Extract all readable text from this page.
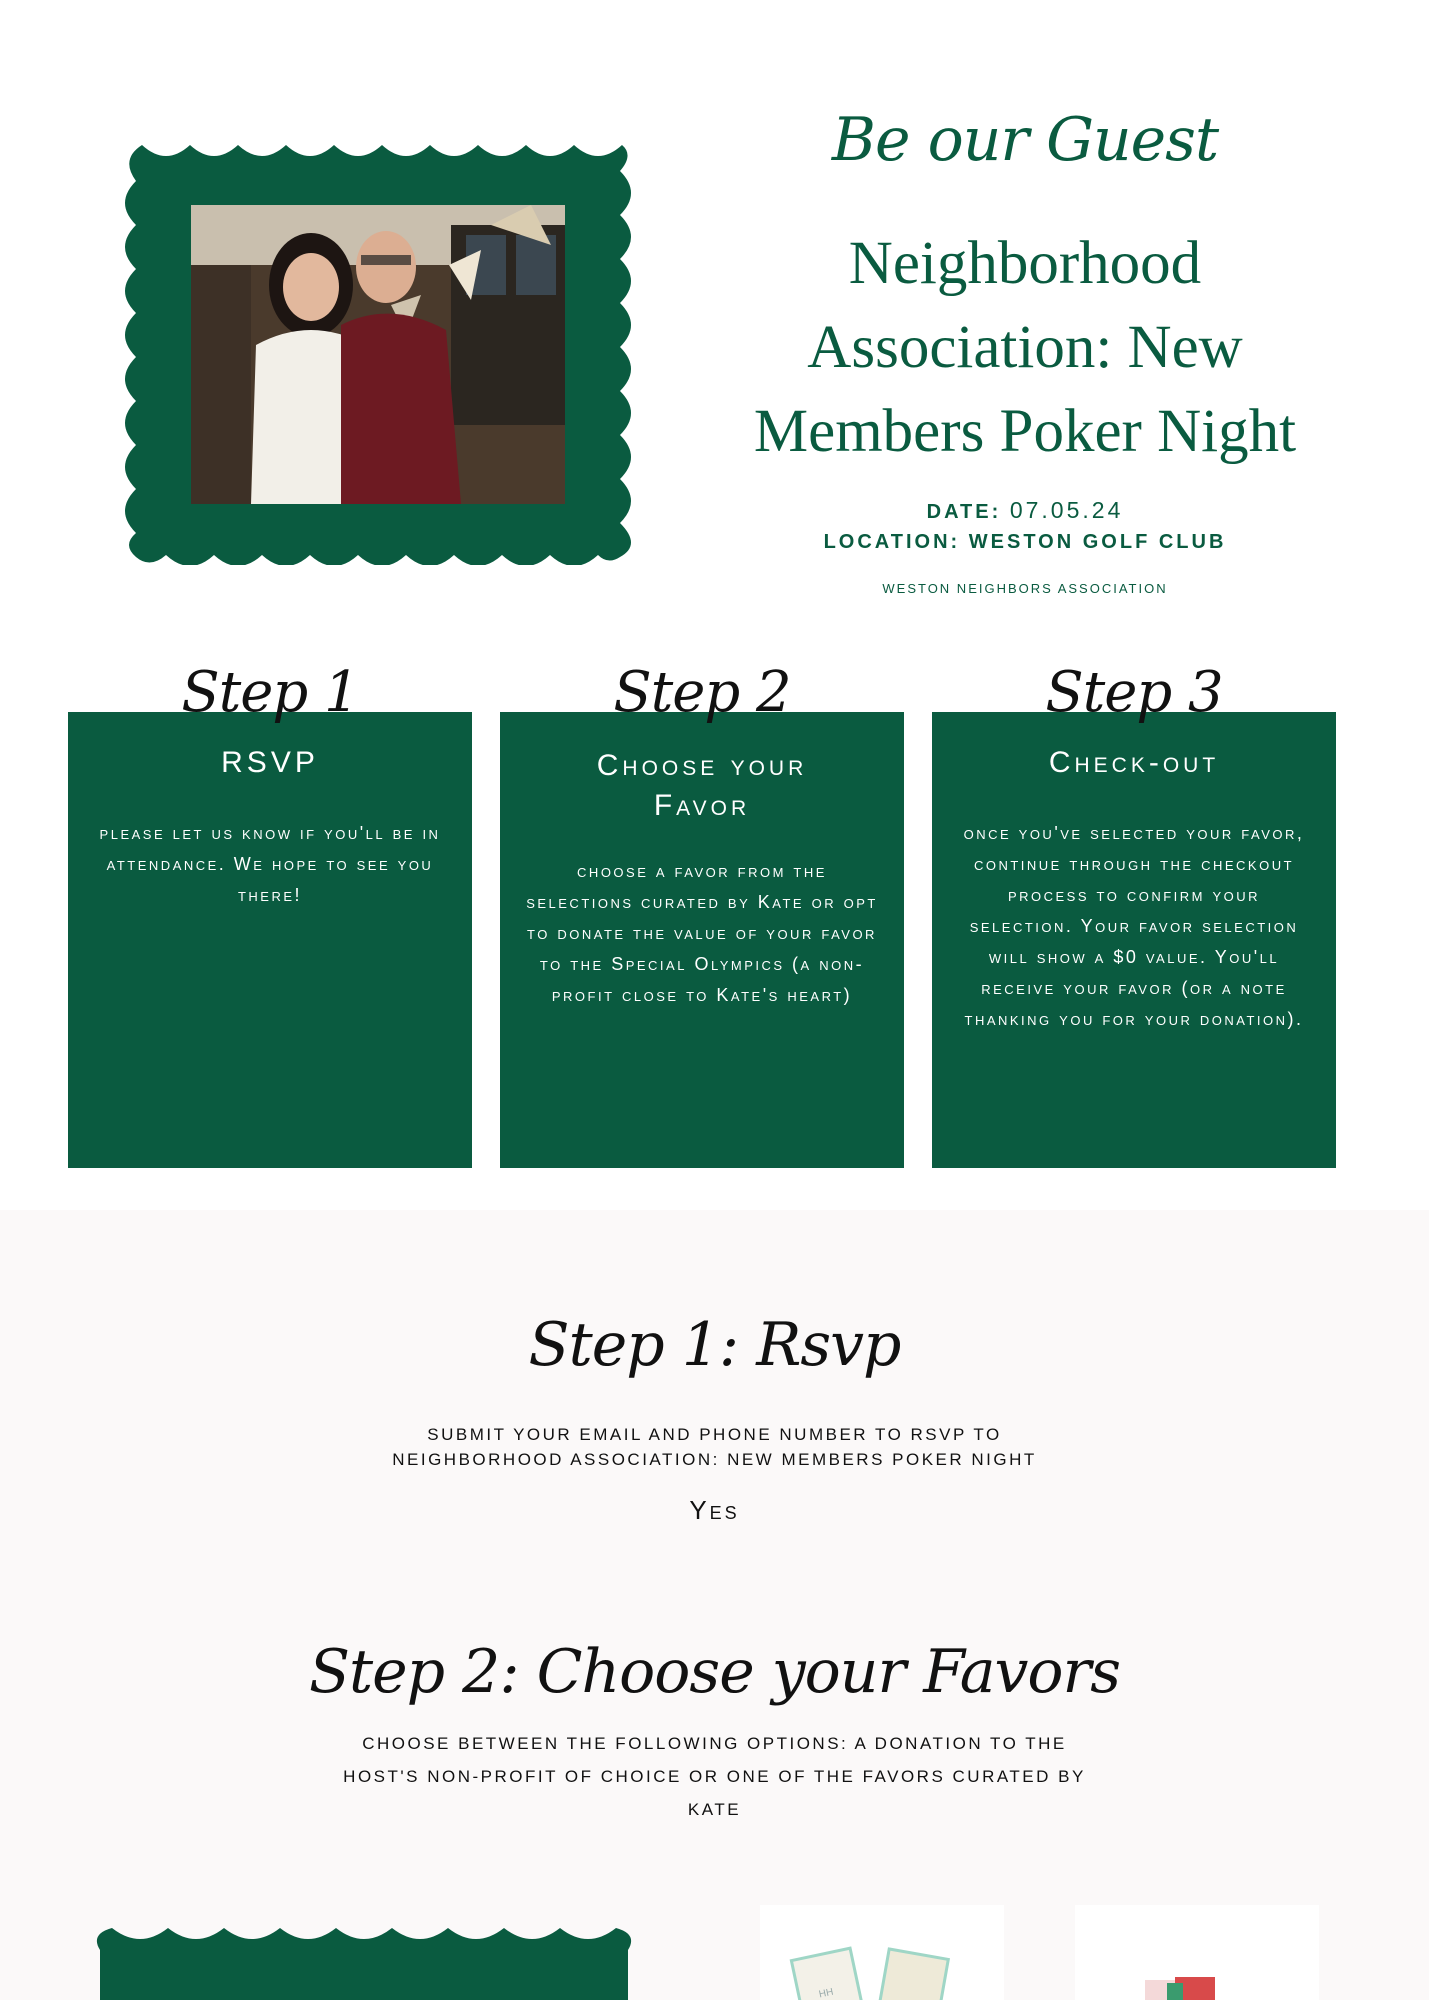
Be our Guest
Neighborhood Association: New Members Poker Night
DATE: 07.05.24
LOCATION: WESTON GOLF CLUB
WESTON NEIGHBORS ASSOCIATION
RSVP
please let us know if you'll be in attendance. We hope to see you there!
Choose your Favor
choose a favor from the selections curated by Kate or opt to donate the value of your favor to the Special Olympics (a non-profit close to Kate's heart)
Check-out
once you've selected your favor, continue through the checkout process to confirm your selection. Your favor selection will show a $0 value. You'll receive your favor (or a note thanking you for your donation).
Step 1	Step 2	Step 3
Step 1: Rsvp
SUBMIT YOUR EMAIL AND PHONE NUMBER TO RSVP TO
NEIGHBORHOOD ASSOCIATION: NEW MEMBERS POKER NIGHT
Yes
Step 2: Choose your Favors
CHOOSE BETWEEN THE FOLLOWING OPTIONS: A DONATION TO THE HOST'S NON-PROFIT OF CHOICE OR ONE OF THE FAVORS CURATED BY KATE
HH
